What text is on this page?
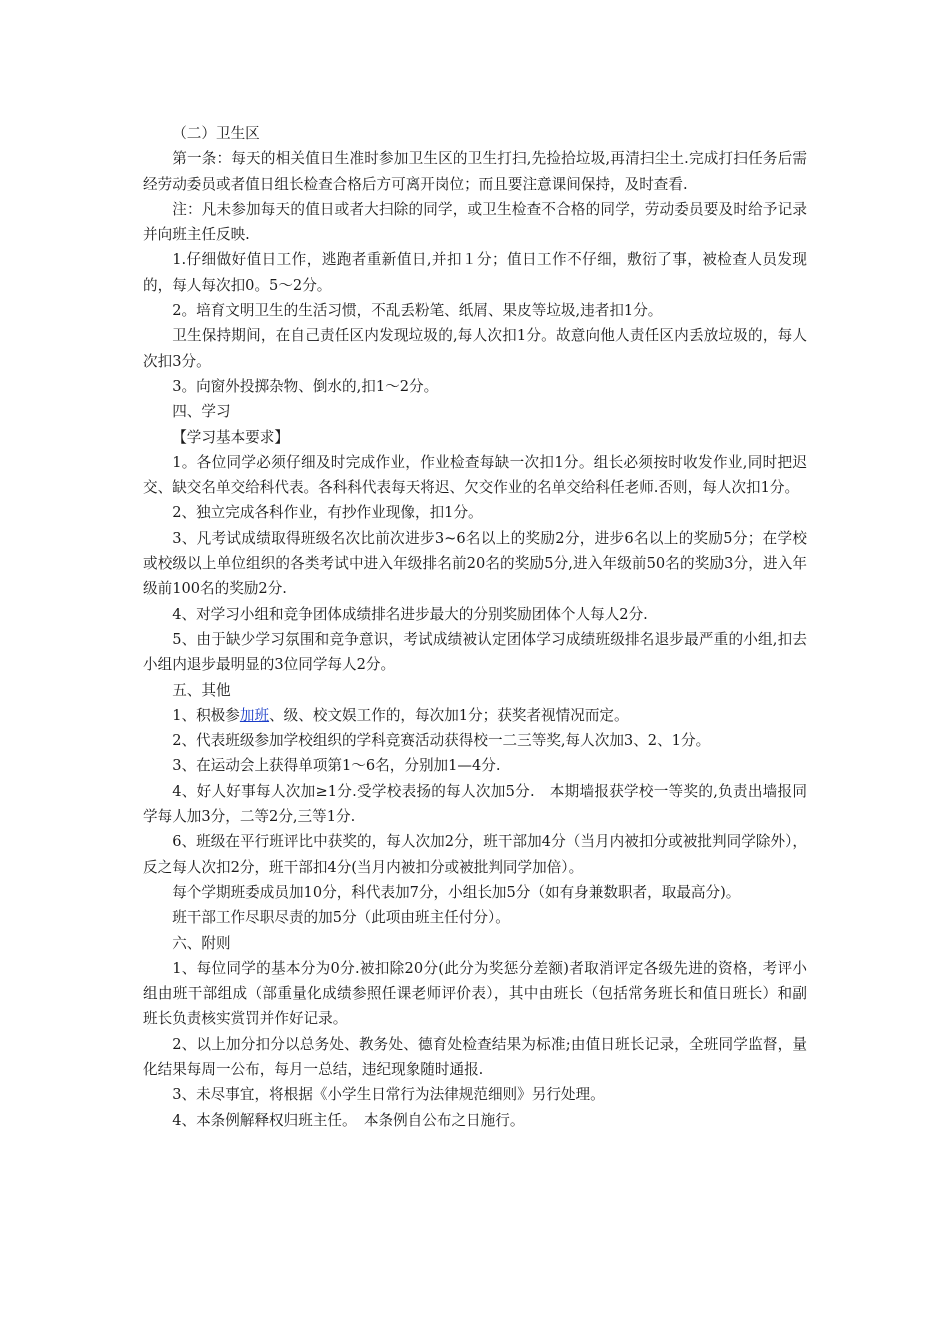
（二）卫生区

第一条：每天的相关值日生准时参加卫生区的卫生打扫,先捡拾垃圾,再清扫尘土.完成打扫任务后需经劳动委员或者值日组长检查合格后方可离开岗位；而且要注意课间保持，及时查看.

注：凡未参加每天的值日或者大扫除的同学，或卫生检查不合格的同学，劳动委员要及时给予记录并向班主任反映.

1.仔细做好值日工作，逃跑者重新值日,并扣１分；值日工作不仔细，敷衍了事，被检查人员发现的，每人每次扣0。5～2分。

2。培育文明卫生的生活习惯，不乱丢粉笔、纸屑、果皮等垃圾,违者扣1分。

卫生保持期间，在自己责任区内发现垃圾的,每人次扣1分。故意向他人责任区内丢放垃圾的，每人次扣3分。

3。向窗外投掷杂物、倒水的,扣1～2分。

四、学习

【学习基本要求】

1。各位同学必须仔细及时完成作业，作业检查每缺一次扣1分。组长必须按时收发作业,同时把迟交、缺交名单交给科代表。各科科代表每天将迟、欠交作业的名单交给科任老师.否则，每人次扣1分。

2、独立完成各科作业，有抄作业现像，扣1分。

3、凡考试成绩取得班级名次比前次进步3~6名以上的奖励2分，进步6名以上的奖励5分；在学校或校级以上单位组织的各类考试中进入年级排名前20名的奖励5分,进入年级前50名的奖励3分，进入年级前100名的奖励2分.

4、对学习小组和竞争团体成绩排名进步最大的分别奖励团体个人每人2分.

5、由于缺少学习氛围和竞争意识，考试成绩被认定团体学习成绩班级排名退步最严重的小组,扣去小组内退步最明显的3位同学每人2分。

五、其他

1、积极参加班、级、校文娱工作的，每次加1分；获奖者视情况而定。

2、代表班级参加学校组织的学科竞赛活动获得校一二三等奖,每人次加3、2、1分。

3、在运动会上获得单项第1～6名，分别加1—4分.

4、好人好事每人次加≥1分.受学校表扬的每人次加5分.　本期墙报获学校一等奖的,负责出墙报同学每人加3分，二等2分,三等1分.

6、班级在平行班评比中获奖的，每人次加2分，班干部加4分（当月内被扣分或被批判同学除外），反之每人次扣2分，班干部扣4分(当月内被扣分或被批判同学加倍）。

每个学期班委成员加10分，科代表加7分，小组长加5分（如有身兼数职者，取最高分)。

班干部工作尽职尽责的加5分（此项由班主任付分）。

六、附则

1、每位同学的基本分为0分.被扣除20分(此分为奖惩分差额)者取消评定各级先进的资格，考评小组由班干部组成（部重量化成绩参照任课老师评价表），其中由班长（包括常务班长和值日班长）和副班长负责核实赏罚并作好记录。

2、以上加分扣分以总务处、教务处、德育处检查结果为标准;由值日班长记录，全班同学监督，量化结果每周一公布，每月一总结，违纪现象随时通报.

3、未尽事宜，将根据《小学生日常行为法律规范细则》另行处理。

4、本条例解释权归班主任。　本条例自公布之日施行。
